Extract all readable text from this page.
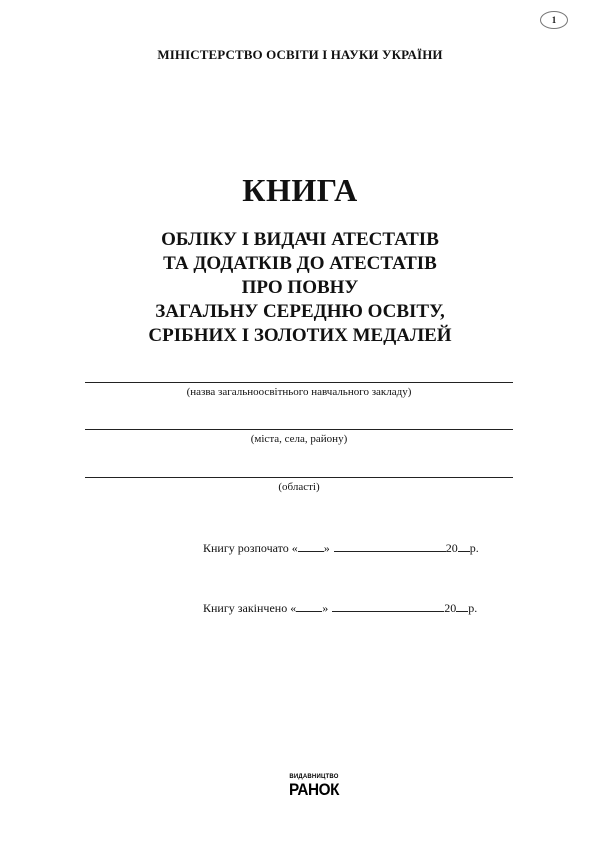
1
МІНІСТЕРСТВО ОСВІТИ І НАУКИ УКРАЇНИ
КНИГА
ОБЛІКУ І ВИДАЧІ АТЕСТАТІВ
ТА ДОДАТКІВ ДО АТЕСТАТІВ
ПРО ПОВНУ
ЗАГАЛЬНУ СЕРЕДНЮ ОСВІТУ,
СРІБНИХ І ЗОЛОТИХ МЕДАЛЕЙ
(назва загальноосвітнього навчального закладу)
(міста, села, району)
(області)
Книгу розпочато « »	20 р.
Книгу закінчено « »	20 р.
ВИДАВНИЦТВО
РАНОК
